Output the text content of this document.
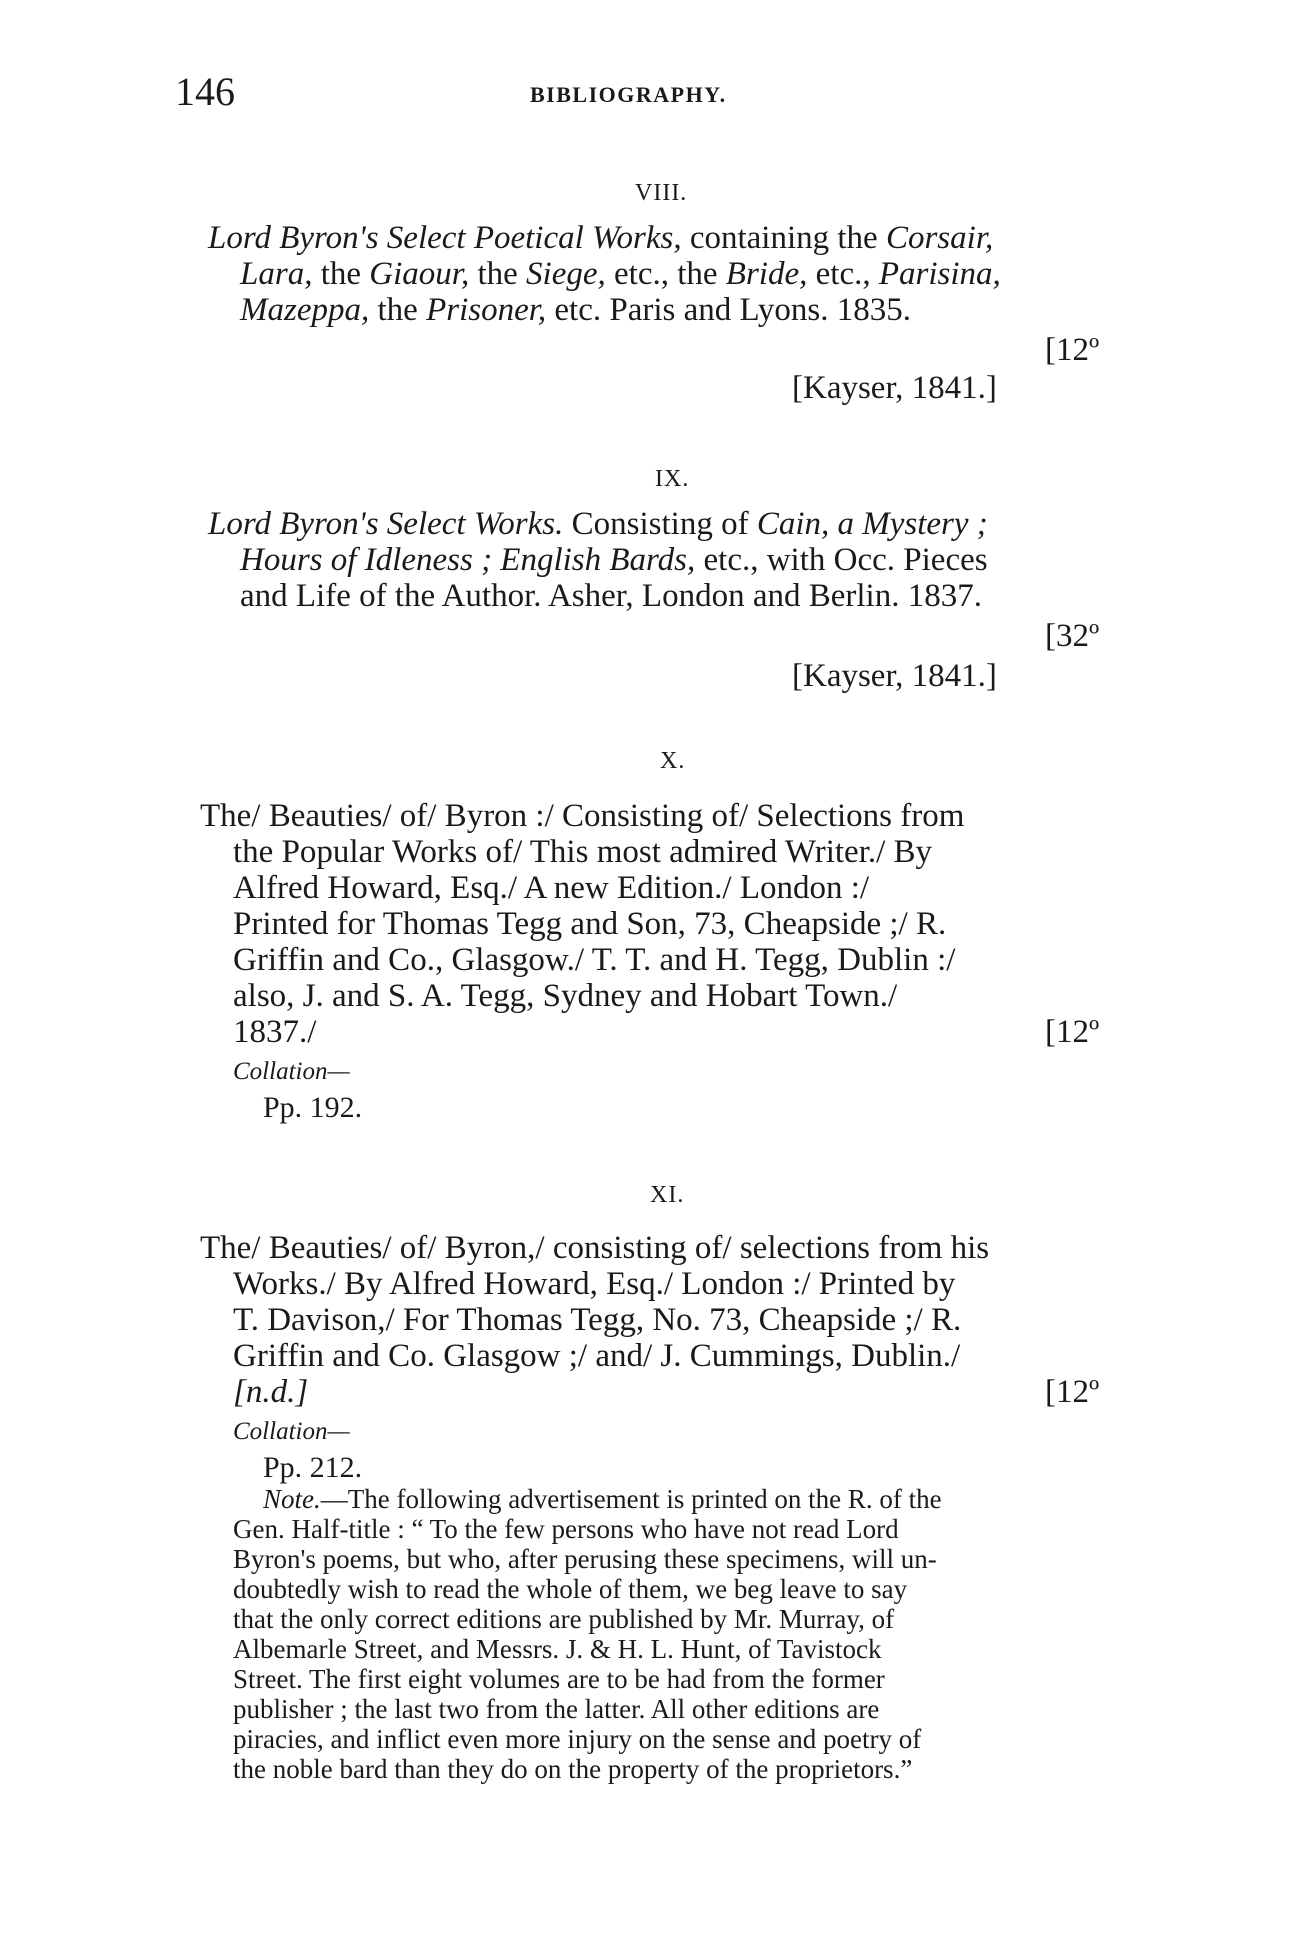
146	BIBLIOGRAPHY.
VIII.
Lord Byron's Select Poetical Works, containing the Corsair,
Lara, the Giaour, the Siege, etc., the Bride, etc., Parisina,
Mazeppa, the Prisoner, etc. Paris and Lyons. 1835.
[12º
[Kayser, 1841.]
IX.
Lord Byron's Select Works. Consisting of Cain, a Mystery ;
Hours of Idleness ; English Bards, etc., with Occ. Pieces
and Life of the Author. Asher, London and Berlin. 1837.
[32º
[Kayser, 1841.]
X.
The/ Beauties/ of/ Byron :/ Consisting of/ Selections from
the Popular Works of/ This most admired Writer./ By
Alfred Howard, Esq./ A new Edition./ London :/
Printed for Thomas Tegg and Son, 73, Cheapside ;/ R.
Griffin and Co., Glasgow./ T. T. and H. Tegg, Dublin :/
also, J. and S. A. Tegg, Sydney and Hobart Town./
1837./	[12º
Collation—
Pp. 192.
XI.
The/ Beauties/ of/ Byron,/ consisting of/ selections from his
Works./ By Alfred Howard, Esq./ London :/ Printed by
T. Davison,/ For Thomas Tegg, No. 73, Cheapside ;/ R.
Griffin and Co. Glasgow ;/ and/ J. Cummings, Dublin./
[n.d.]	[12º
Collation—
Pp. 212.
Note.—The following advertisement is printed on the R. of the
Gen. Half-title : “ To the few persons who have not read Lord
Byron's poems, but who, after perusing these specimens, will un-
doubtedly wish to read the whole of them, we beg leave to say
that the only correct editions are published by Mr. Murray, of
Albemarle Street, and Messrs. J. & H. L. Hunt, of Tavistock
Street. The first eight volumes are to be had from the former
publisher ; the last two from the latter. All other editions are
piracies, and inflict even more injury on the sense and poetry of
the noble bard than they do on the property of the proprietors.”
